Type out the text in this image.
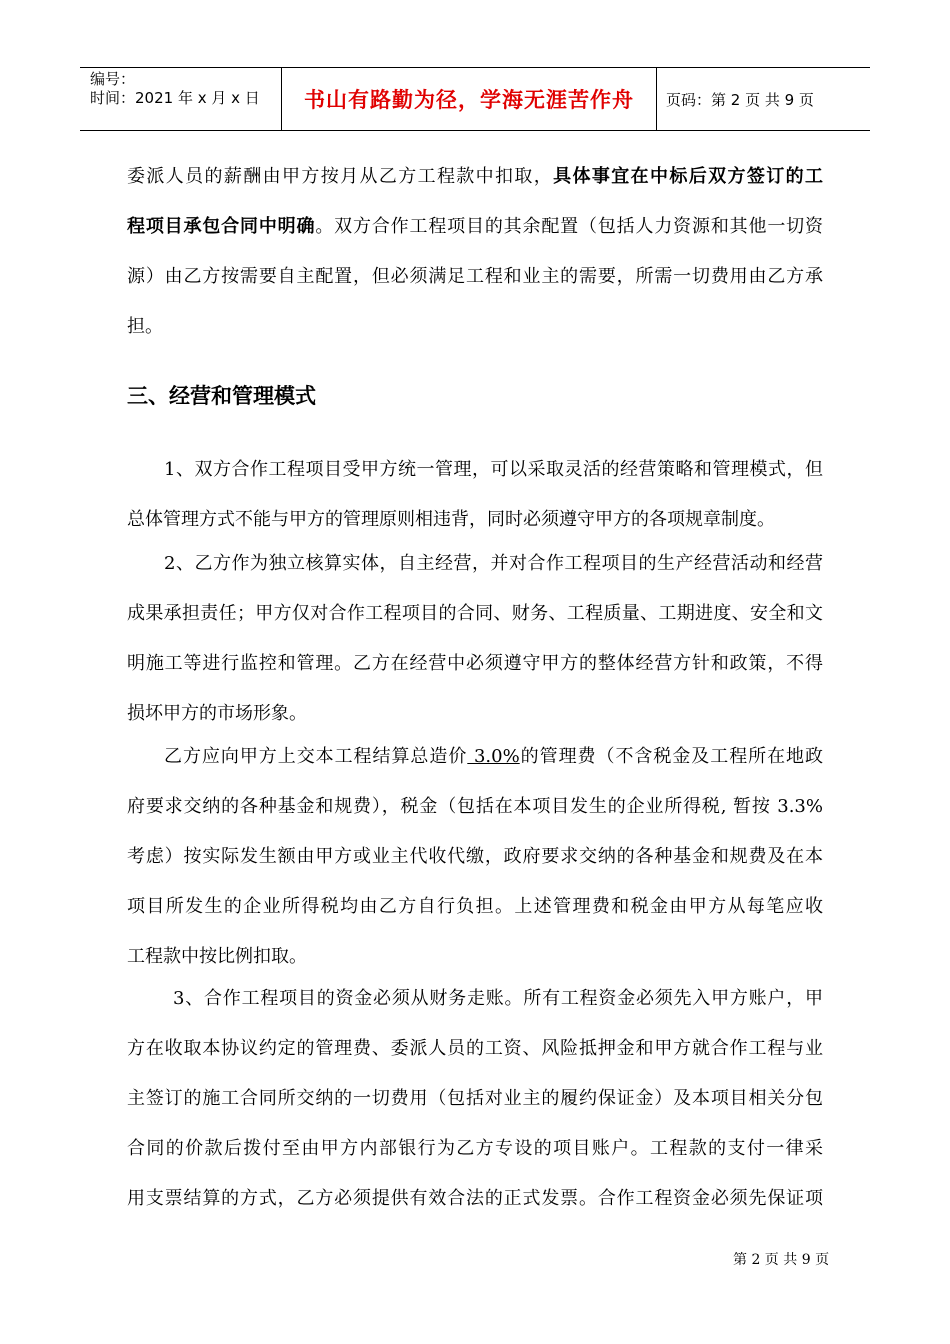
编号：
时间：2021 年 x 月 x 日	书山有路勤为径，学海无涯苦作舟	页码：第 2 页 共 9 页
委派人员的薪酬由甲方按月从乙方工程款中扣取，具体事宜在中标后双方签订的工
程项目承包合同中明确。双方合作工程项目的其余配置（包括人力资源和其他一切资
源）由乙方按需要自主配置，但必须满足工程和业主的需要，所需一切费用由乙方承
担。
三、经营和管理模式
1、双方合作工程项目受甲方统一管理，可以采取灵活的经营策略和管理模式，但
总体管理方式不能与甲方的管理原则相违背，同时必须遵守甲方的各项规章制度。
2、乙方作为独立核算实体，自主经营，并对合作工程项目的生产经营活动和经营
成果承担责任；甲方仅对合作工程项目的合同、财务、工程质量、工期进度、安全和文
明施工等进行监控和管理。乙方在经营中必须遵守甲方的整体经营方针和政策，不得
损坏甲方的市场形象。
乙方应向甲方上交本工程结算总造价 3.0%的管理费（不含税金及工程所在地政
府要求交纳的各种基金和规费），税金（包括在本项目发生的企业所得税, 暂按 3.3%
考虑）按实际发生额由甲方或业主代收代缴，政府要求交纳的各种基金和规费及在本
项目所发生的企业所得税均由乙方自行负担。上述管理费和税金由甲方从每笔应收
工程款中按比例扣取。
3、合作工程项目的资金必须从财务走账。所有工程资金必须先入甲方账户，甲
方在收取本协议约定的管理费、委派人员的工资、风险抵押金和甲方就合作工程与业
主签订的施工合同所交纳的一切费用（包括对业主的履约保证金）及本项目相关分包
合同的价款后拨付至由甲方内部银行为乙方专设的项目账户。工程款的支付一律采
用支票结算的方式，乙方必须提供有效合法的正式发票。合作工程资金必须先保证项
第 2 页 共 9 页
